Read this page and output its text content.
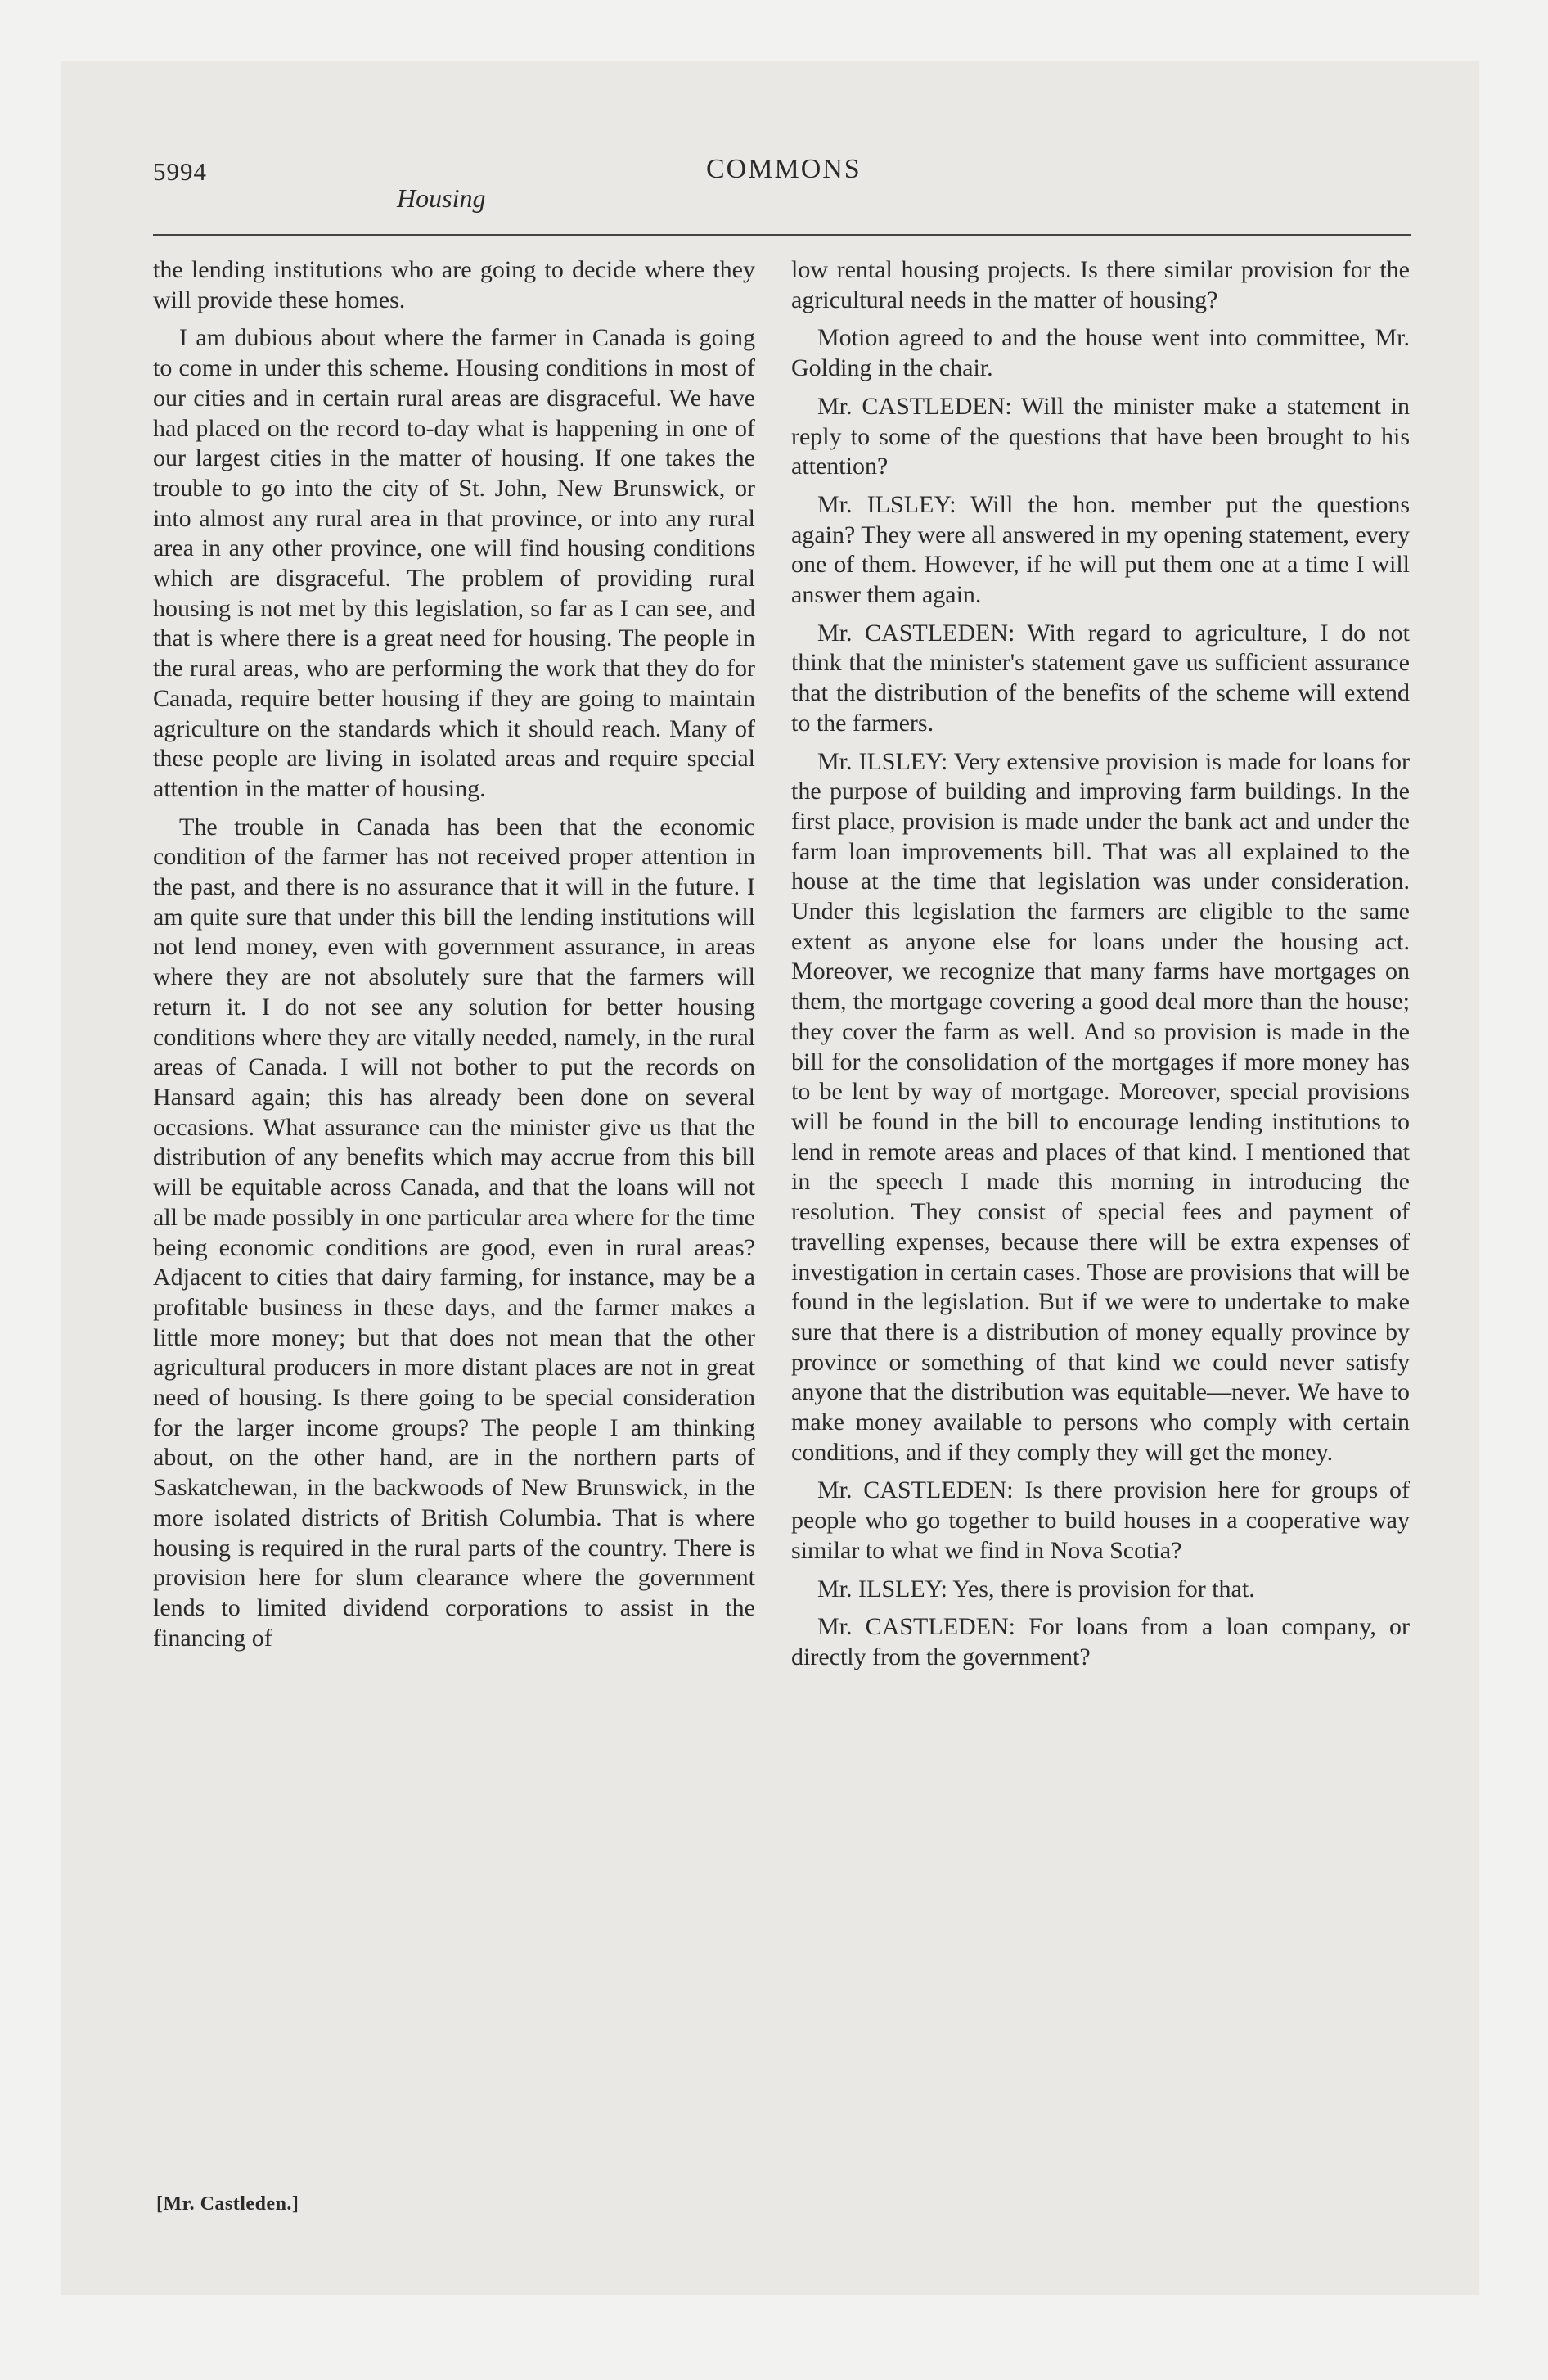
5994	COMMONS
Housing

the lending institutions who are going to decide where they will provide these homes.

I am dubious about where the farmer in Canada is going to come in under this scheme. Housing conditions in most of our cities and in certain rural areas are disgraceful. We have had placed on the record to-day what is happening in one of our largest cities in the matter of housing. If one takes the trouble to go into the city of St. John, New Brunswick, or into almost any rural area in that province, or into any rural area in any other province, one will find housing conditions which are disgraceful. The problem of providing rural housing is not met by this legislation, so far as I can see, and that is where there is a great need for housing. The people in the rural areas, who are performing the work that they do for Canada, require better housing if they are going to maintain agriculture on the standards which it should reach. Many of these people are living in isolated areas and require special attention in the matter of housing.

The trouble in Canada has been that the economic condition of the farmer has not received proper attention in the past, and there is no assurance that it will in the future. I am quite sure that under this bill the lending institutions will not lend money, even with government assurance, in areas where they are not absolutely sure that the farmers will return it. I do not see any solution for better housing conditions where they are vitally needed, namely, in the rural areas of Canada. I will not bother to put the records on Hansard again; this has already been done on several occasions. What assurance can the minister give us that the distribution of any benefits which may accrue from this bill will be equitable across Canada, and that the loans will not all be made possibly in one particular area where for the time being economic conditions are good, even in rural areas? Adjacent to cities that dairy farming, for instance, may be a profitable business in these days, and the farmer makes a little more money; but that does not mean that the other agricultural producers in more distant places are not in great need of housing. Is there going to be special consideration for the larger income groups? The people I am thinking about, on the other hand, are in the northern parts of Saskatchewan, in the backwoods of New Brunswick, in the more isolated districts of British Columbia. That is where housing is required in the rural parts of the country. There is provision here for slum clearance where the government lends to limited dividend corporations to assist in the financing of

[Mr. Castleden.]

low rental housing projects. Is there similar provision for the agricultural needs in the matter of housing?

Motion agreed to and the house went into committee, Mr. Golding in the chair.

Mr. CASTLEDEN: Will the minister make a statement in reply to some of the questions that have been brought to his attention?

Mr. ILSLEY: Will the hon. member put the questions again? They were all answered in my opening statement, every one of them. However, if he will put them one at a time I will answer them again.

Mr. CASTLEDEN: With regard to agriculture, I do not think that the minister's statement gave us sufficient assurance that the distribution of the benefits of the scheme will extend to the farmers.

Mr. ILSLEY: Very extensive provision is made for loans for the purpose of building and improving farm buildings. In the first place, provision is made under the bank act and under the farm loan improvements bill. That was all explained to the house at the time that legislation was under consideration. Under this legislation the farmers are eligible to the same extent as anyone else for loans under the housing act. Moreover, we recognize that many farms have mortgages on them, the mortgage covering a good deal more than the house; they cover the farm as well. And so provision is made in the bill for the consolidation of the mortgages if more money has to be lent by way of mortgage. Moreover, special provisions will be found in the bill to encourage lending institutions to lend in remote areas and places of that kind. I mentioned that in the speech I made this morning in introducing the resolution. They consist of special fees and payment of travelling expenses, because there will be extra expenses of investigation in certain cases. Those are provisions that will be found in the legislation. But if we were to undertake to make sure that there is a distribution of money equally province by province or something of that kind we could never satisfy anyone that the distribution was equitable—never. We have to make money available to persons who comply with certain conditions, and if they comply they will get the money.

Mr. CASTLEDEN: Is there provision here for groups of people who go together to build houses in a cooperative way similar to what we find in Nova Scotia?

Mr. ILSLEY: Yes, there is provision for that.

Mr. CASTLEDEN: For loans from a loan company, or directly from the government?
